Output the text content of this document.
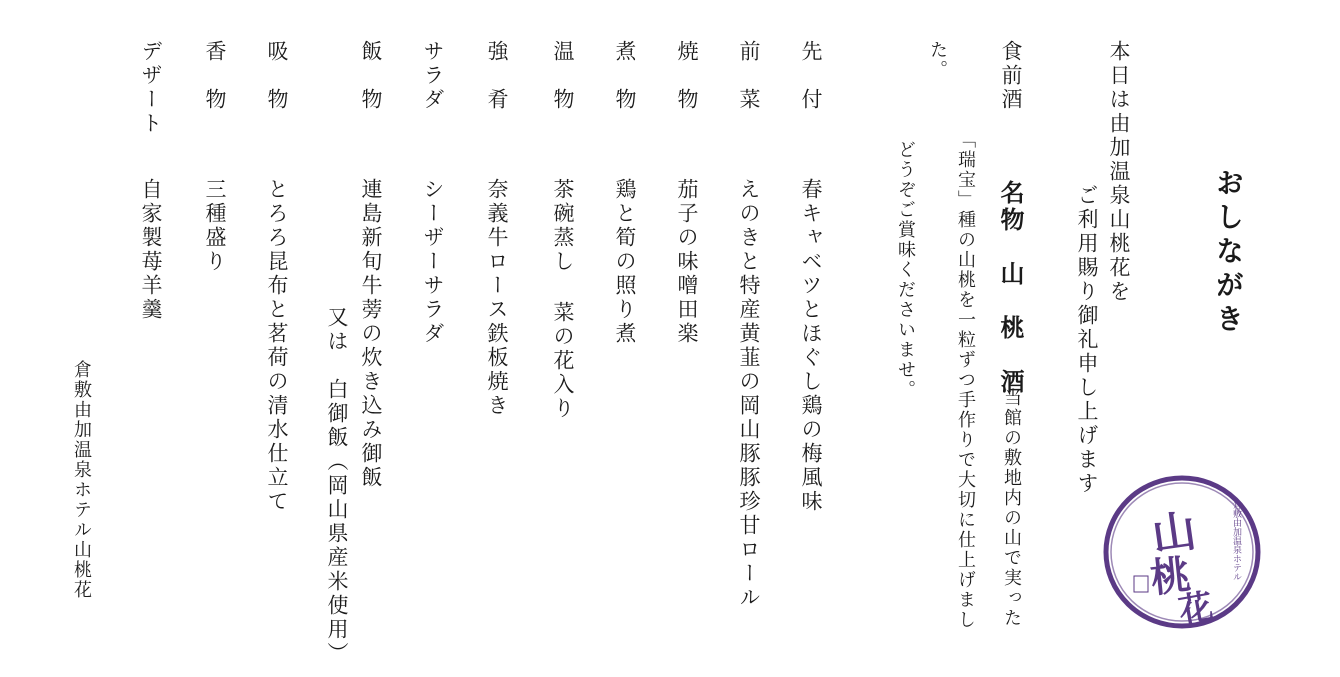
おしながき
本日は由加温泉山桃花を
ご利用賜り御礼申し上げます
食前酒
名物　山　桃　酒
当館の敷地内の山で実った
「瑞宝」種の山桃を一粒ずつ手作りで大切に仕上げまし
た。
どうぞご賞味くださいませ。
先　付
前　菜
焼　物
煮　物
温　物
強　肴
サラダ
飯　物
吸　物
香　物
デザート
春キャベツとほぐし鶏の梅風味
えのきと特産黄韮の岡山豚豚珍甘ロール
茄子の味噌田楽
鶏と筍の照り煮
茶碗蒸し 菜の花入り
奈義牛ロース鉄板焼き
シーザーサラダ
連島新旬牛蒡の炊き込み御飯
又は　白御飯（岡山県産米使用）
とろろ昆布と茗荷の清水仕立て
三種盛り
自家製苺羊羹
倉敷由加温泉ホテル山桃花	山
桃
花
倉敷由加温泉ホテル
